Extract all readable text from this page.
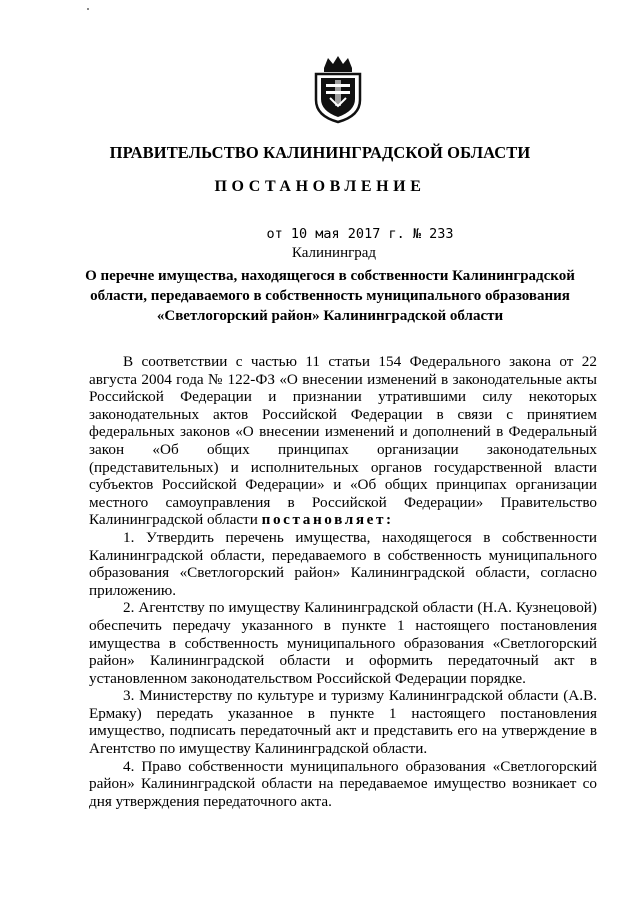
ПРАВИТЕЛЬСТВО КАЛИНИНГРАДСКОЙ ОБЛАСТИ
ПОСТАНОВЛЕНИЕ
от 10 мая 2017 г. № 233
Калининград
О перечне имущества, находящегося в собственности Калининградской
области, передаваемого в собственность муниципального образования
«Светлогорский район» Калининградской области

В соответствии с частью 11 статьи 154 Федерального закона от 22 августа 2004 года № 122-ФЗ «О внесении изменений в законодательные акты Российской Федерации и признании утратившими силу некоторых законодательных актов Российской Федерации в связи с принятием федеральных законов «О внесении изменений и дополнений в Федеральный закон «Об общих принципах организации законодательных (представительных) и исполнительных органов государственной власти субъектов Российской Федерации» и «Об общих принципах организации местного самоуправления в Российской Федерации» Правительство Калининградской области постановляет:

1. Утвердить перечень имущества, находящегося в собственности Калининградской области, передаваемого в собственность муниципального образования «Светлогорский район» Калининградской области, согласно приложению.

2. Агентству по имуществу Калининградской области (Н.А. Кузнецовой) обеспечить передачу указанного в пункте 1 настоящего постановления имущества в собственность муниципального образования «Светлогорский район» Калининградской области и оформить передаточный акт в установленном законодательством Российской Федерации порядке.

3. Министерству по культуре и туризму Калининградской области (А.В. Ермаку) передать указанное в пункте 1 настоящего постановления имущество, подписать передаточный акт и представить его на утверждение в Агентство по имуществу Калининградской области.

4. Право собственности муниципального образования «Светлогорский район» Калининградской области на передаваемое имущество возникает со дня утверждения передаточного акта.
